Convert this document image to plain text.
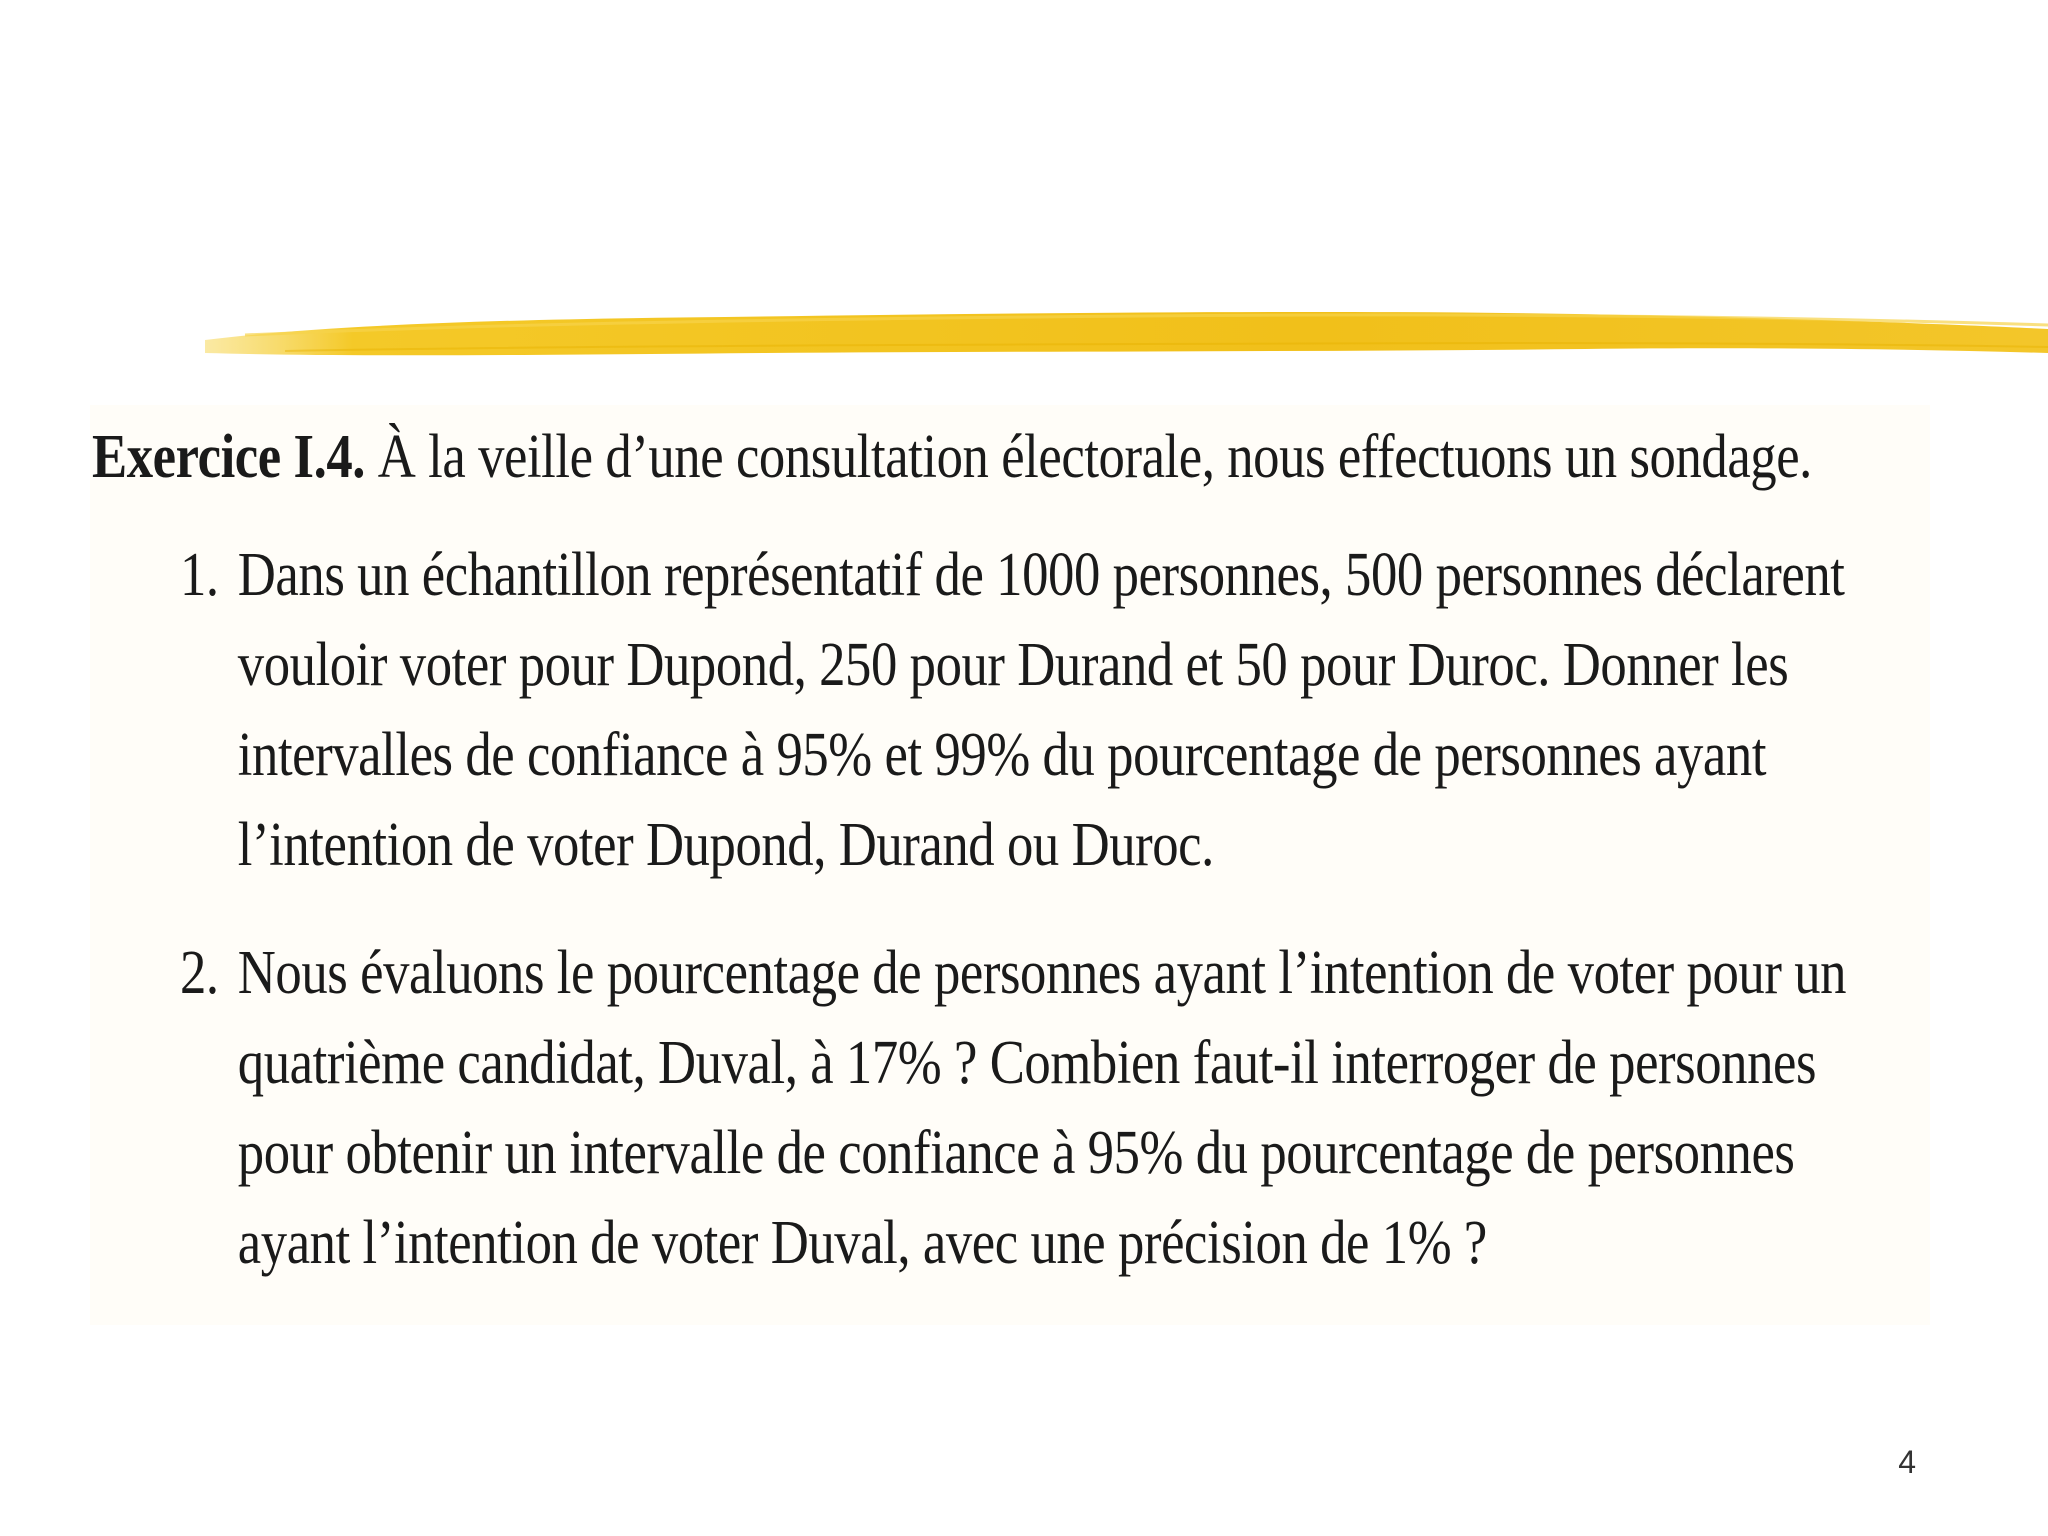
Exercice I.4. À la veille d’une consultation électorale, nous effectuons un sondage.
1. Dans un échantillon représentatif de 1000 personnes, 500 personnes déclarent
vouloir voter pour Dupond, 250 pour Durand et 50 pour Duroc. Donner les
intervalles de confiance à 95% et 99% du pourcentage de personnes ayant
l’intention de voter Dupond, Durand ou Duroc.
2. Nous évaluons le pourcentage de personnes ayant l’intention de voter pour un
quatrième candidat, Duval, à 17% ? Combien faut-il interroger de personnes
pour obtenir un intervalle de confiance à 95% du pourcentage de personnes
ayant l’intention de voter Duval, avec une précision de 1% ?
4
